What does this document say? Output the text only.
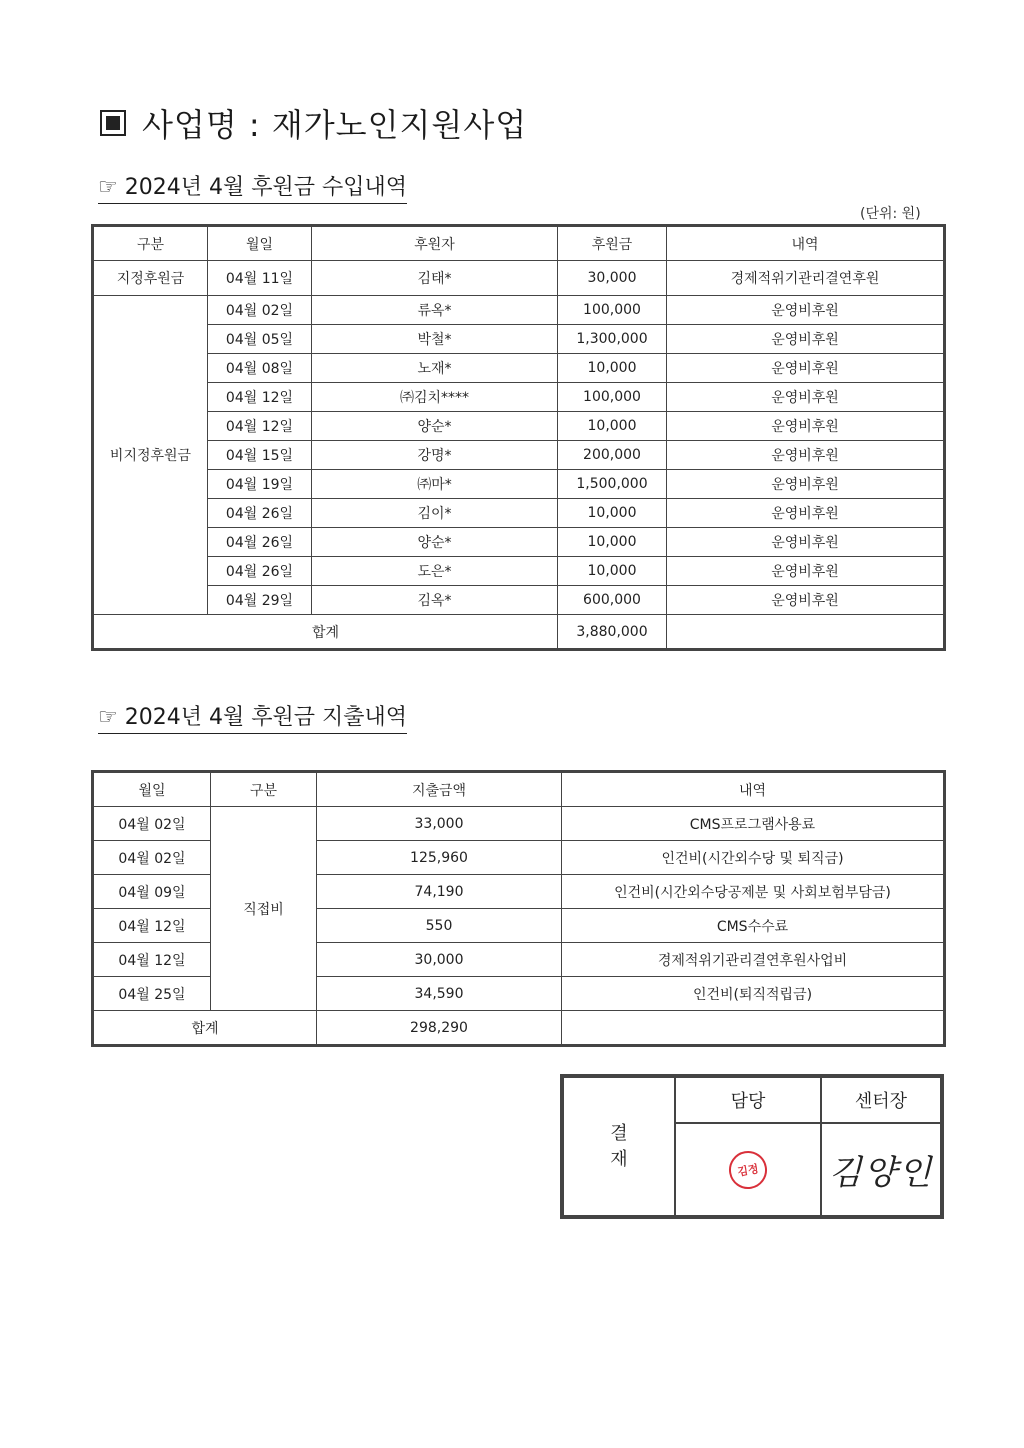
사업명 : 재가노인지원사업
☞ 2024년 4월 후원금 수입내역
(단위: 원)
구분	월일	후원자	후원금	내역
지정후원금	04월 11일	김태*	30,000	경제적위기관리결연후원
비지정후원금	04월 02일	류옥*	100,000	운영비후원
	04월 05일	박철*	1,300,000	운영비후원
	04월 08일	노재*	10,000	운영비후원
	04월 12일	㈜김치****	100,000	운영비후원
	04월 12일	양순*	10,000	운영비후원
	04월 15일	강명*	200,000	운영비후원
	04월 19일	㈜마*	1,500,000	운영비후원
	04월 26일	김이*	10,000	운영비후원
	04월 26일	양순*	10,000	운영비후원
	04월 26일	도은*	10,000	운영비후원
	04월 29일	김옥*	600,000	운영비후원
합계			3,880,000	
☞ 2024년 4월 후원금 지출내역
월일	구분	지출금액	내역
04월 02일	직접비	33,000	CMS프로그램사용료
04월 02일		125,960	인건비(시간외수당 및 퇴직금)
04월 09일		74,190	인건비(시간외수당공제분 및 사회보험부담금)
04월 12일		550	CMS수수료
04월 12일		30,000	경제적위기관리결연후원사업비
04월 25일		34,590	인건비(퇴직적립금)
합계		298,290	
결
재
담당	센터장
김정	김양인
